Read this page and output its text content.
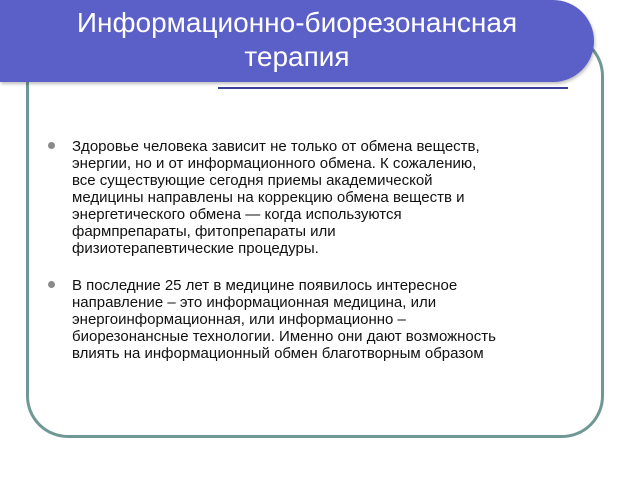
Информационно-биорезонансная
терапия
Здоровье человека зависит не только от обмена веществ,
энергии, но и от информационного обмена. К сожалению,
все существующие сегодня приемы академической
медицины направлены на коррекцию обмена веществ и
энергетического обмена — когда используются
фармпрепараты, фитопрепараты или
физиотерапевтические процедуры.
В последние 25 лет в медицине появилось интересное
направление – это информационная медицина, или
энергоинформационная, или информационно –
биорезонансные технологии. Именно они дают возможность
влиять на информационный обмен благотворным образом
